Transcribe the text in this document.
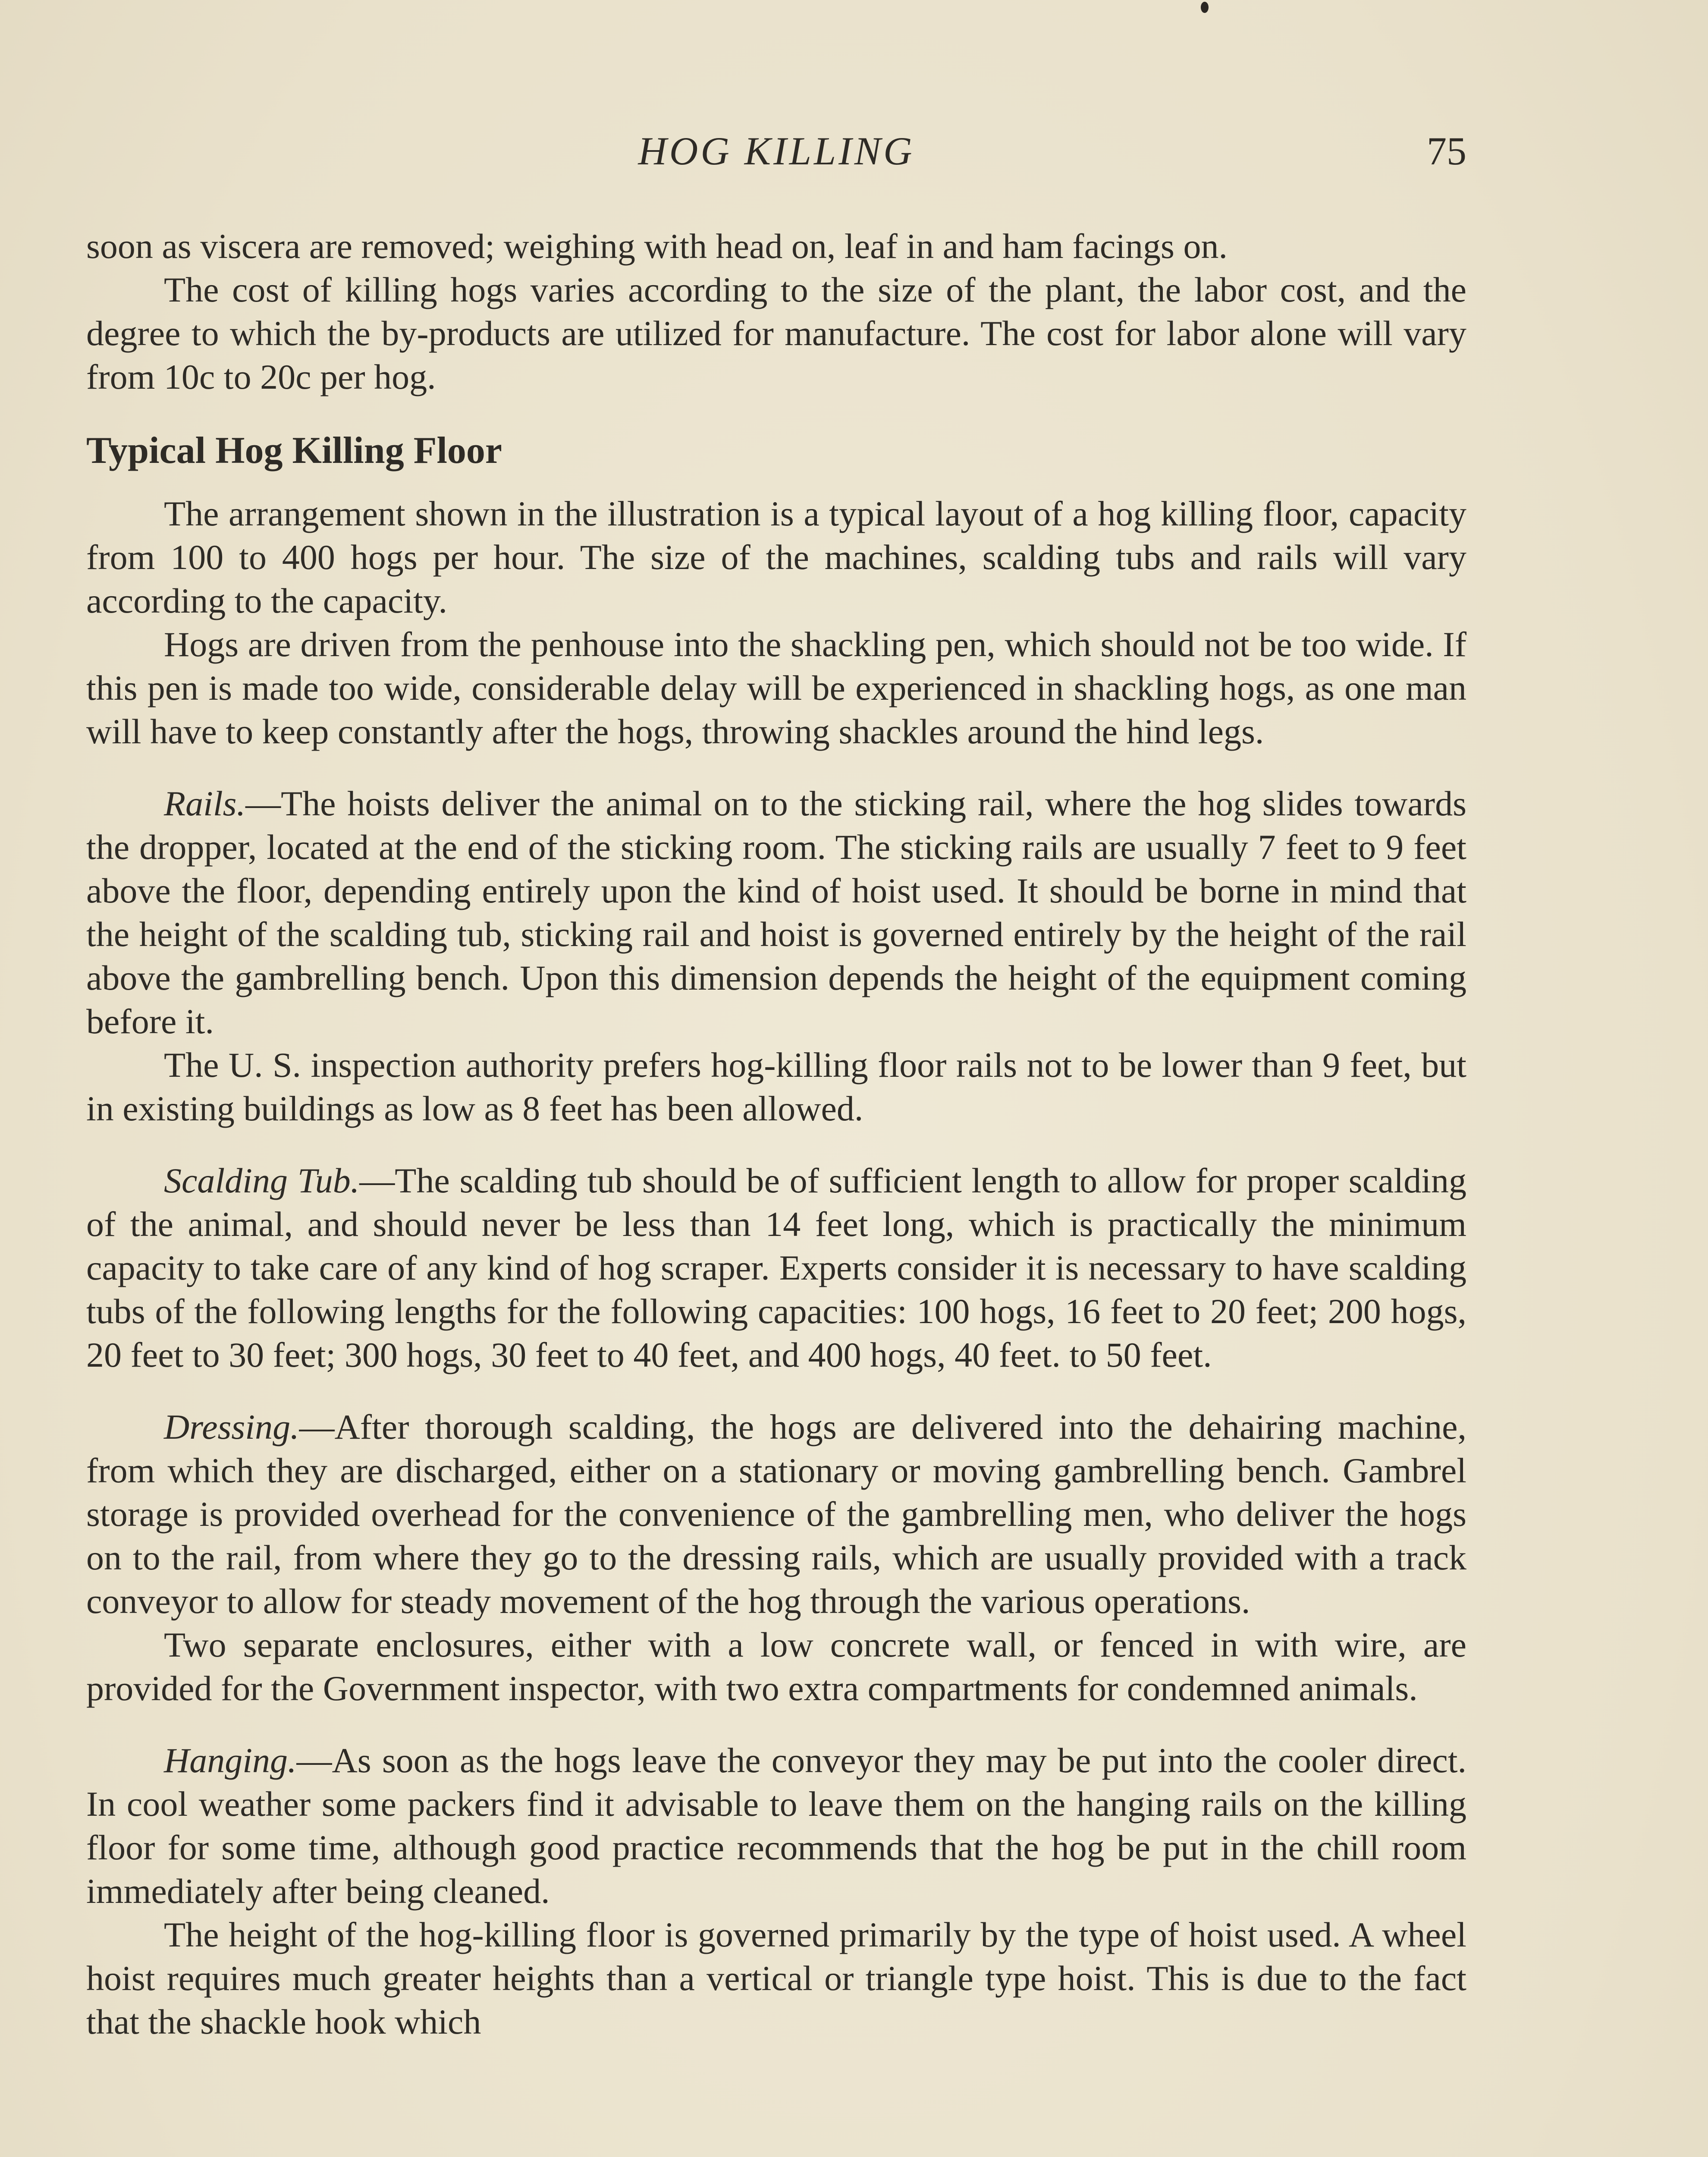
HOG KILLING	75

soon as viscera are removed; weighing with head on, leaf in and ham facings on.

The cost of killing hogs varies according to the size of the plant, the labor cost, and the degree to which the by-products are utilized for manufacture. The cost for labor alone will vary from 10c to 20c per hog.

Typical Hog Killing Floor

The arrangement shown in the illustration is a typical layout of a hog killing floor, capacity from 100 to 400 hogs per hour. The size of the machines, scalding tubs and rails will vary according to the capacity.

Hogs are driven from the penhouse into the shackling pen, which should not be too wide. If this pen is made too wide, considerable delay will be experienced in shackling hogs, as one man will have to keep constantly after the hogs, throwing shackles around the hind legs.

Rails.—The hoists deliver the animal on to the sticking rail, where the hog slides towards the dropper, located at the end of the sticking room. The sticking rails are usually 7 feet to 9 feet above the floor, depending entirely upon the kind of hoist used. It should be borne in mind that the height of the scalding tub, sticking rail and hoist is governed entirely by the height of the rail above the gambrelling bench. Upon this dimension depends the height of the equipment coming before it.

The U. S. inspection authority prefers hog-killing floor rails not to be lower than 9 feet, but in existing buildings as low as 8 feet has been allowed.

Scalding Tub.—The scalding tub should be of sufficient length to allow for proper scalding of the animal, and should never be less than 14 feet long, which is practically the minimum capacity to take care of any kind of hog scraper. Experts consider it is necessary to have scalding tubs of the following lengths for the following capacities: 100 hogs, 16 feet to 20 feet; 200 hogs, 20 feet to 30 feet; 300 hogs, 30 feet to 40 feet, and 400 hogs, 40 feet. to 50 feet.

Dressing.—After thorough scalding, the hogs are delivered into the dehairing machine, from which they are discharged, either on a stationary or moving gambrelling bench. Gambrel storage is provided overhead for the convenience of the gambrelling men, who deliver the hogs on to the rail, from where they go to the dressing rails, which are usually provided with a track conveyor to allow for steady movement of the hog through the various operations.

Two separate enclosures, either with a low concrete wall, or fenced in with wire, are provided for the Government inspector, with two extra compartments for condemned animals.

Hanging.—As soon as the hogs leave the conveyor they may be put into the cooler direct. In cool weather some packers find it advisable to leave them on the hanging rails on the killing floor for some time, although good practice recommends that the hog be put in the chill room immediately after being cleaned.

The height of the hog-killing floor is governed primarily by the type of hoist used. A wheel hoist requires much greater heights than a vertical or triangle type hoist. This is due to the fact that the shackle hook which
